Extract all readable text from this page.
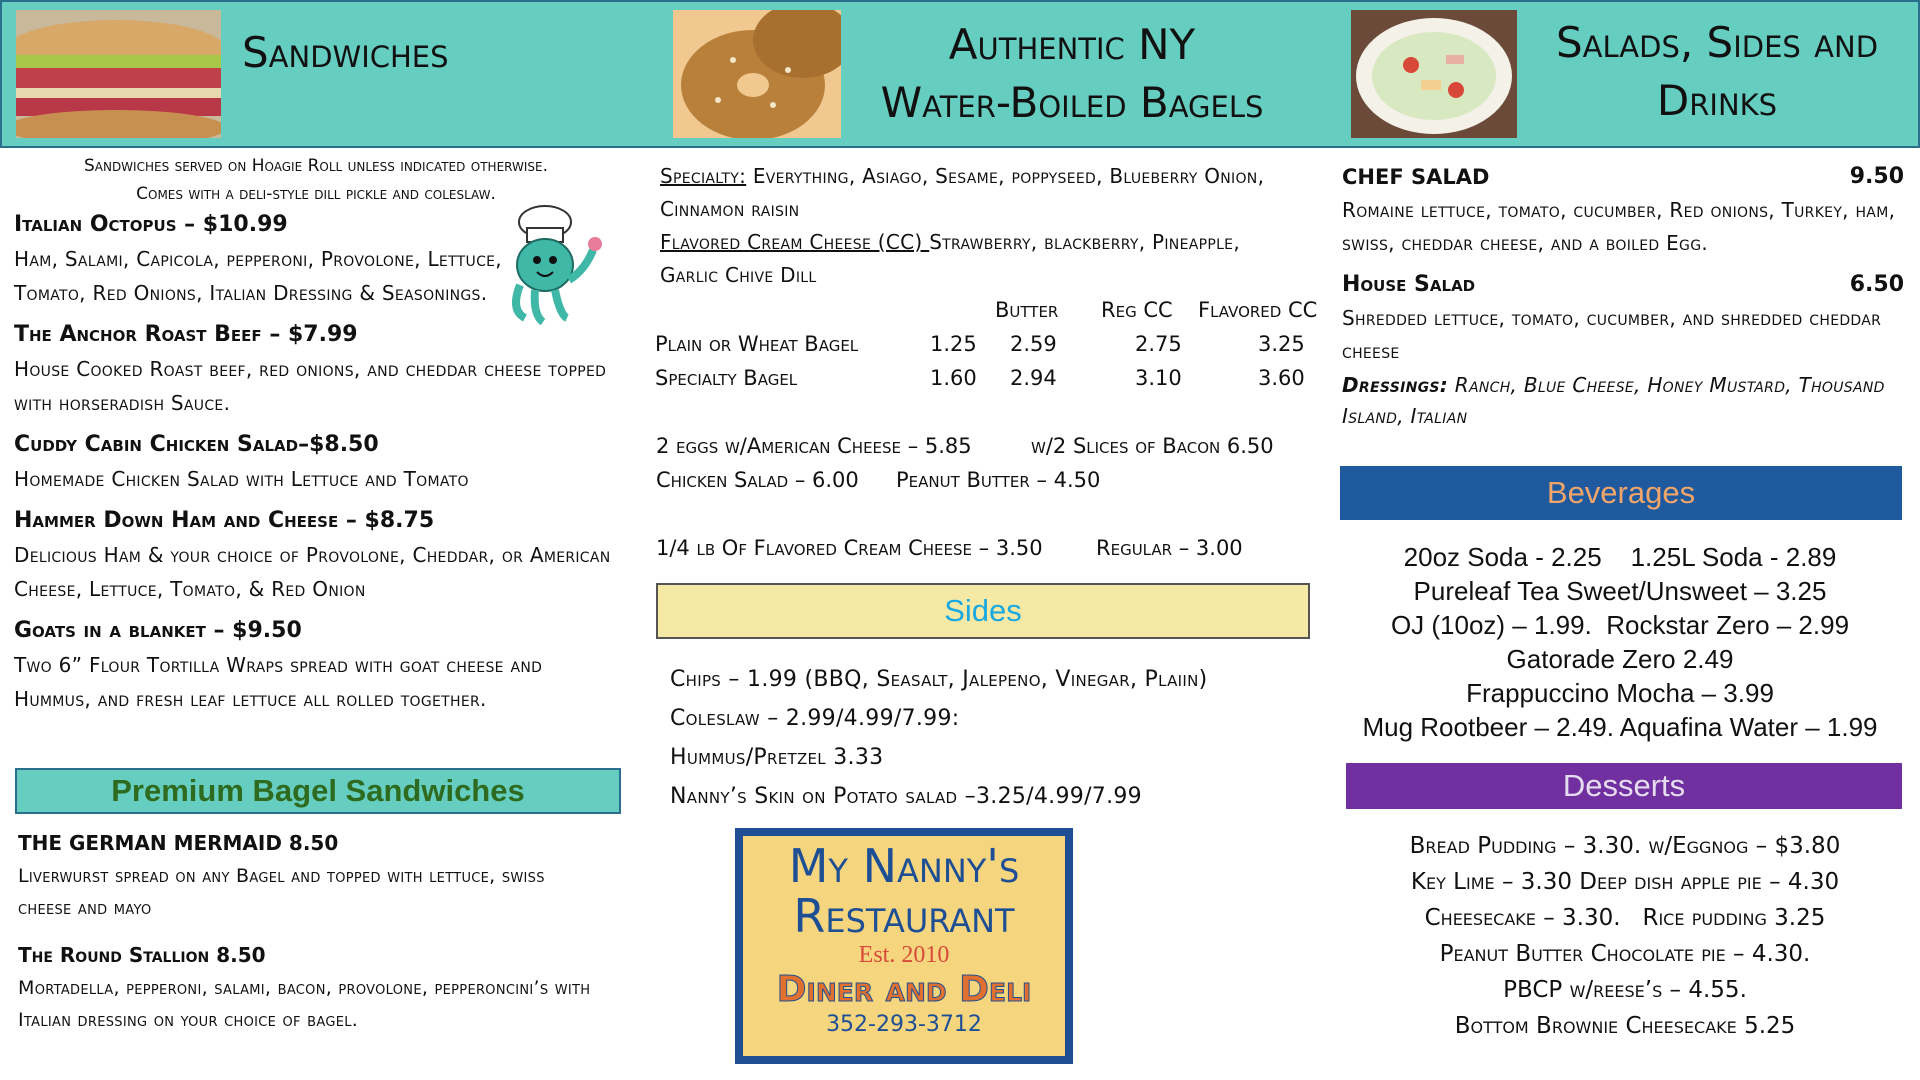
Sandwiches	Authentic NY
Water-Boiled Bagels
Salads, Sides and
Drinks
Sandwiches served on Hoagie Roll unless indicated otherwise.
Comes with a deli-style dill pickle and coleslaw.
Italian Octopus – $10.99
Ham, Salami, Capicola, pepperoni, Provolone, Lettuce, Tomato, Red Onions, Italian Dressing & Seasonings.
The Anchor Roast Beef – $7.99
House Cooked Roast beef, red onions, and cheddar cheese topped with horseradish Sauce.
Cuddy Cabin Chicken Salad–$8.50
Homemade Chicken Salad with Lettuce and Tomato
Hammer Down Ham and Cheese – $8.75
Delicious Ham & your choice of Provolone, Cheddar, or American Cheese, Lettuce, Tomato, & Red Onion
Goats in a blanket – $9.50
Two 6” Flour Tortilla Wraps spread with goat cheese and Hummus, and fresh leaf lettuce all rolled together.
Premium Bagel Sandwiches
THE GERMAN MERMAID 8.50
Liverwurst spread on any Bagel and topped with lettuce, swiss cheese and mayo
The Round Stallion 8.50
Mortadella, pepperoni, salami, bacon, provolone, pepperoncini’s with Italian dressing on your choice of bagel.
Specialty: Everything, Asiago, Sesame, poppyseed, Blueberry Onion, Cinnamon raisin
Flavored Cream Cheese (CC) Strawberry, blackberry, Pineapple, Garlic Chive Dill
Butter Reg CC Flavored CC
Plain or Wheat Bagel	1.25 2.59	2.75	3.25
Specialty Bagel	1.60 2.94	3.10	3.60
2 eggs w/American Cheese – 5.85	w/2 Slices of Bacon 6.50
Chicken Salad – 6.00 Peanut Butter – 4.50
1/4 lb Of Flavored Cream Cheese – 3.50	Regular – 3.00
Sides
Chips – 1.99 (BBQ, Seasalt, Jalepeno, Vinegar, Plaiin)
Coleslaw – 2.99/4.99/7.99:
Hummus/Pretzel 3.33
Nanny’s Skin on Potato salad –3.25/4.99/7.99
My Nanny's
Restaurant
Est. 2010
Diner and Deli
352-293-3712
CHEF SALAD	9.50
Romaine lettuce, tomato, cucumber, Red onions, Turkey, ham, swiss, cheddar cheese, and a boiled Egg.
House Salad	6.50
Shredded lettuce, tomato, cucumber, and shredded cheddar cheese
Dressings: Ranch, Blue Cheese, Honey Mustard, Thousand Island, Italian
Beverages
20oz Soda - 2.25    1.25L Soda - 2.89
Pureleaf Tea Sweet/Unsweet – 3.25
OJ (10oz) – 1.99.  Rockstar Zero – 2.99
Gatorade Zero 2.49
Frappuccino Mocha – 3.99
Mug Rootbeer – 2.49. Aquafina Water – 1.99
Desserts
Bread Pudding – 3.30. w/Eggnog – $3.80
Key Lime – 3.30 Deep dish apple pie – 4.30
Cheesecake – 3.30.   Rice pudding 3.25
Peanut Butter Chocolate pie – 4.30.
PBCP w/reese’s – 4.55.
Bottom Brownie Cheesecake 5.25
